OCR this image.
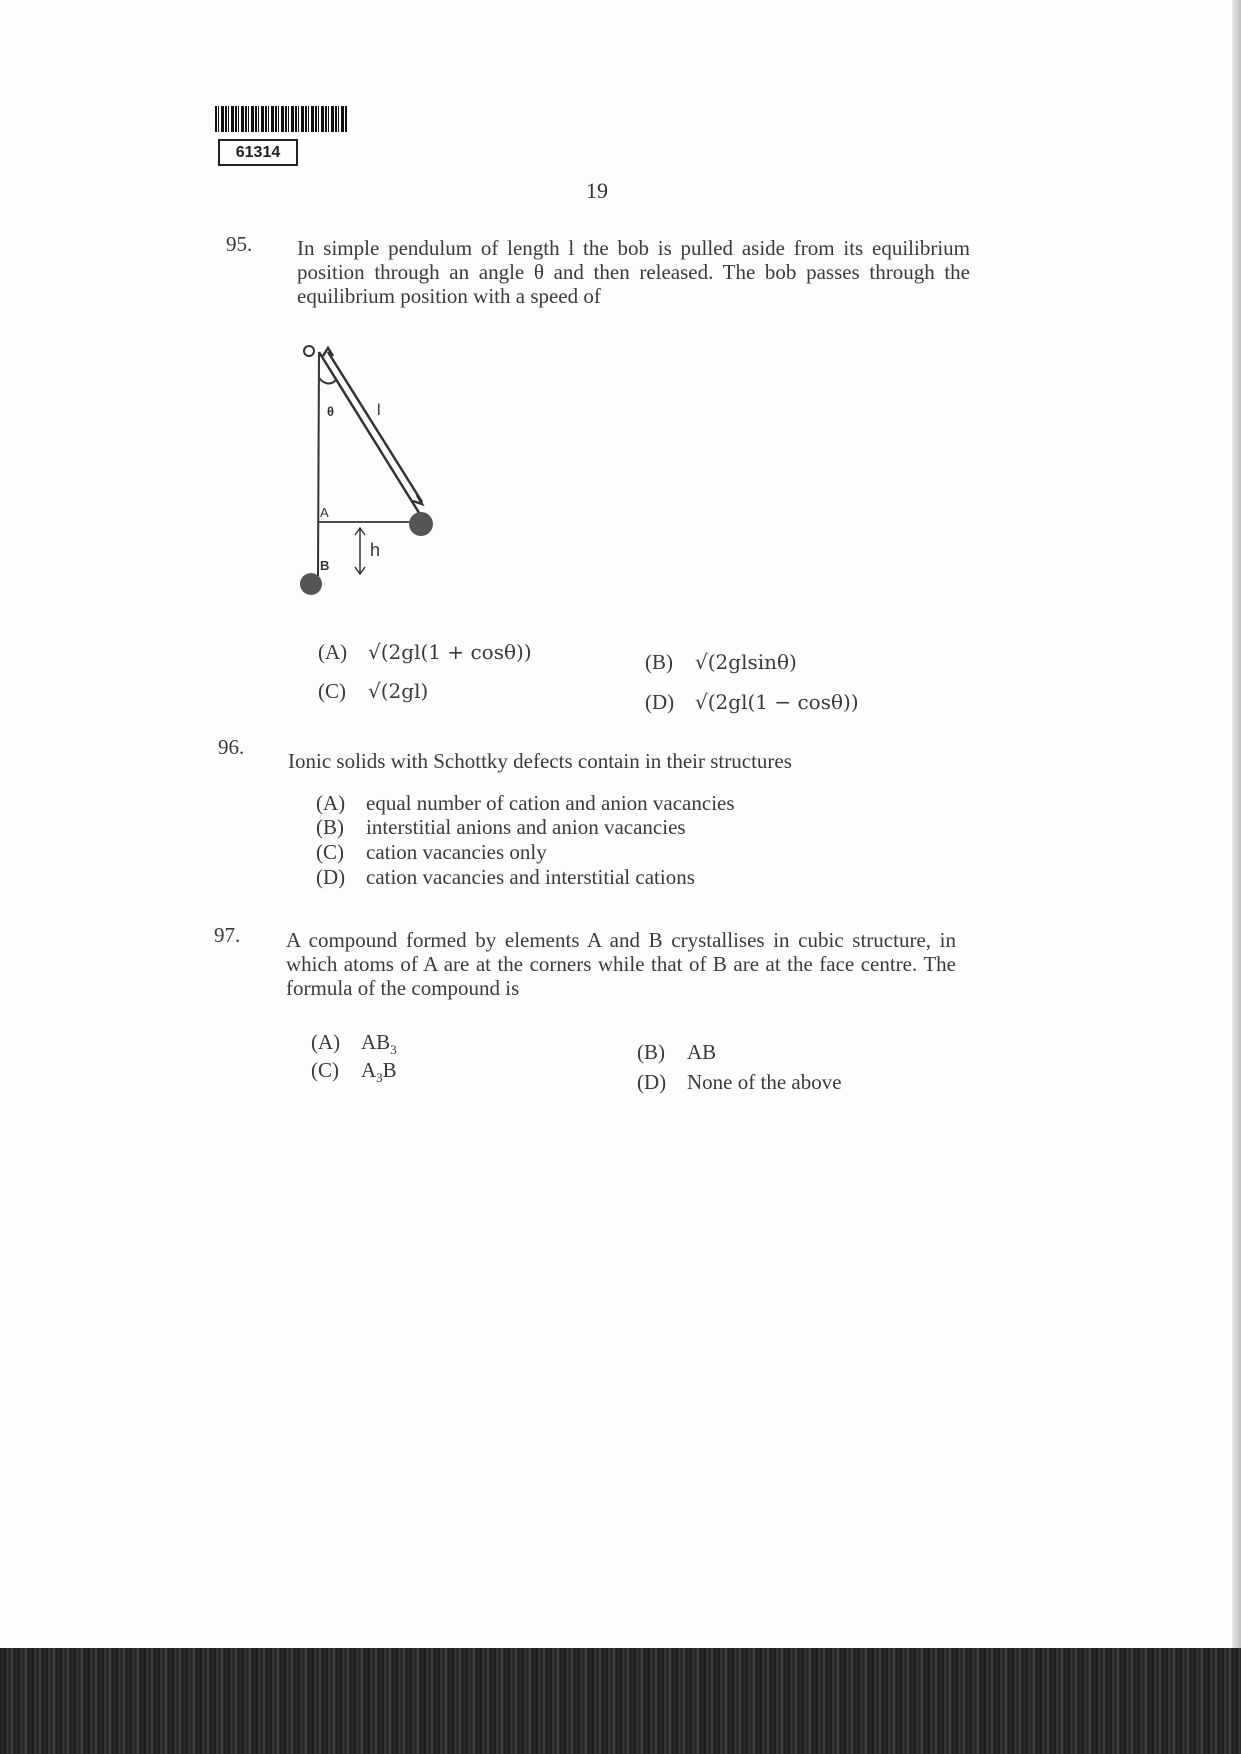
61314
19
95. In simple pendulum of length l the bob is pulled aside from its equilibrium position through an angle θ and then released. The bob passes through the equilibrium position with a speed of
θ	l
A
B
h
(A) √(2gl(1 + cosθ))	(B) √(2glsinθ)
(C) √(2gl)	(D) √(2gl(1 − cosθ))
96.
Ionic solids with Schottky defects contain in their structures
(A) equal number of cation and anion vacancies
(B) interstitial anions and anion vacancies
(C) cation vacancies only
(D) cation vacancies and interstitial cations
97. A compound formed by elements A and B crystallises in cubic structure, in which atoms of A are at the corners while that of B are at the face centre. The formula of the compound is
(A) $AB_3$	(B) AB
(C) $A_3B$	(D) None of the above
